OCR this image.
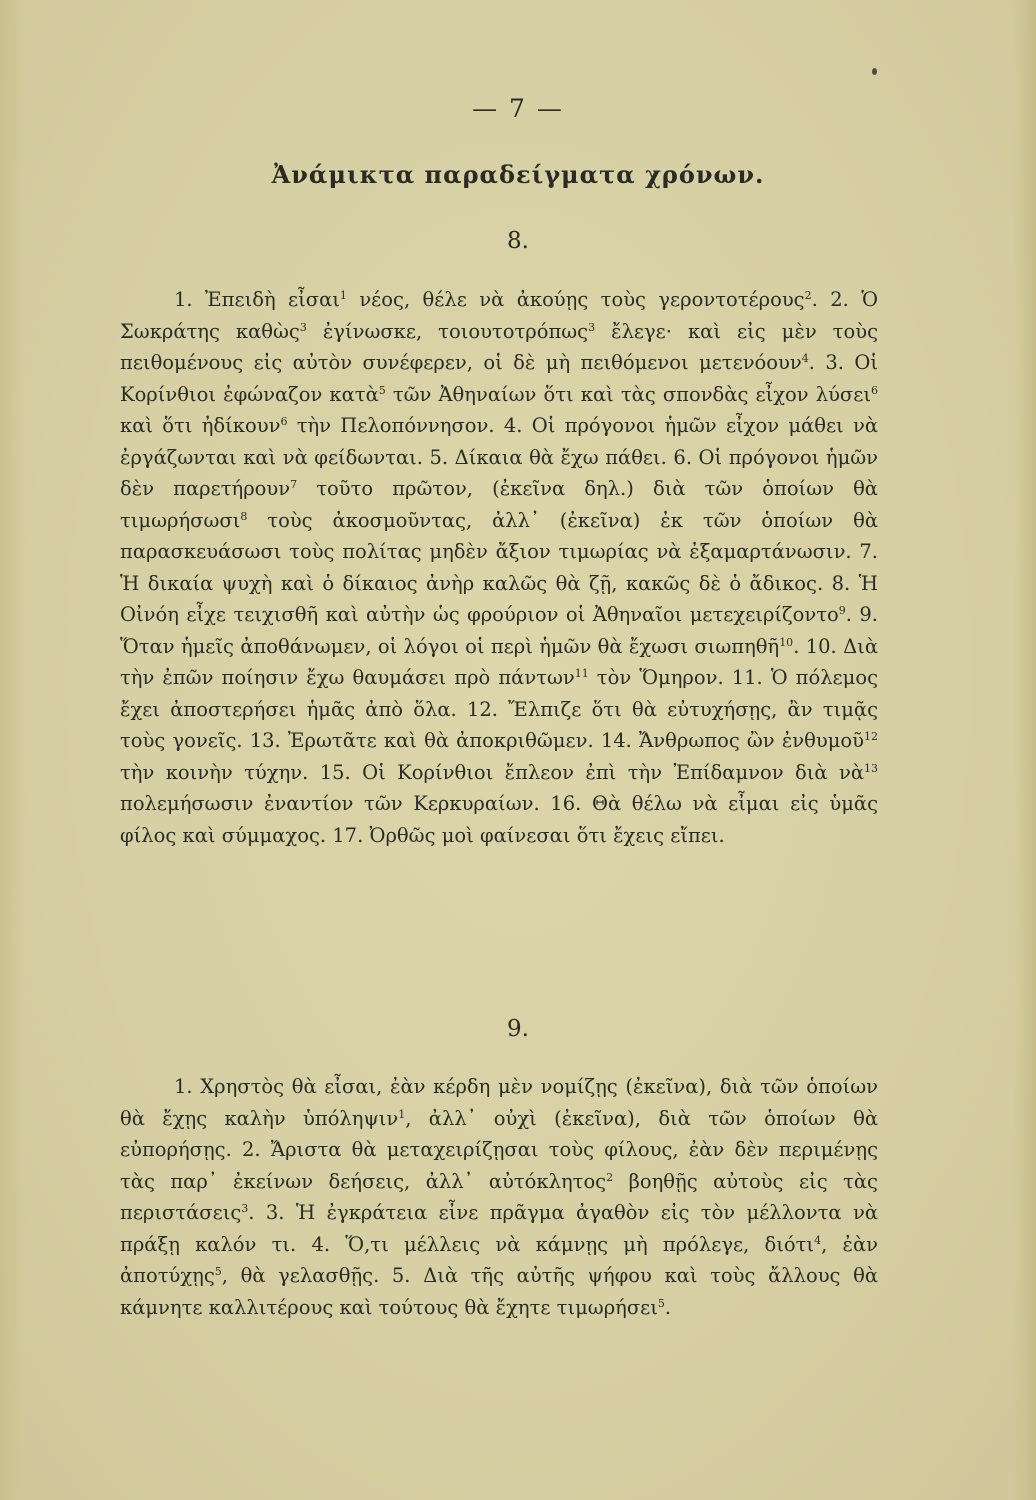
— 7 —
Ἀνάμικτα παραδείγματα χρόνων.
8.
1. Ἐπειδὴ εἶσαι$^1$ νέος, θέλε νὰ ἀκούῃς τοὺς γεροντοτέρους$^2$. 2. Ὁ Σωκράτης καθὼς$^3$ ἐγίνωσκε, τοιουτοτρόπως$^3$ ἔλεγε· καὶ εἰς μὲν τοὺς πειθομένους εἰς αὐτὸν συνέφερεν, οἱ δὲ μὴ πειθόμενοι μετενόουν$^4$. 3. Οἱ Κορίνθιοι ἐφώναζον κατὰ$^5$ τῶν Ἀθηναίων ὅτι καὶ τὰς σπονδὰς εἶχον λύσει$^6$ καὶ ὅτι ἠδίκουν$^6$ τὴν Πελοπόννησον. 4. Οἱ πρόγονοι ἡμῶν εἶχον μάθει νὰ ἐργάζωνται καὶ νὰ φείδωνται. 5. Δίκαια θὰ ἔχω πάθει. 6. Οἱ πρόγονοι ἡμῶν δὲν παρετήρουν$^7$ τοῦτο πρῶτον, (ἐκεῖνα δηλ.) διὰ τῶν ὁποίων θὰ τιμωρήσωσι$^8$ τοὺς ἀκοσμοῦντας, ἀλλ᾽ (ἐκεῖνα) ἐκ τῶν ὁποίων θὰ παρασκευάσωσι τοὺς πολίτας μηδὲν ἄξιον τιμωρίας νὰ ἐξαμαρτάνωσιν. 7. Ἡ δικαία ψυχὴ καὶ ὁ δίκαιος ἀνὴρ καλῶς θὰ ζῇ, κακῶς δὲ ὁ ἄδικος. 8. Ἡ Οἰνόη εἶχε τειχισθῆ καὶ αὐτὴν ὡς φρούριον οἱ Ἀθηναῖοι μετεχειρίζοντο$^9$. 9. Ὅταν ἡμεῖς ἀποθάνωμεν, οἱ λόγοι οἱ περὶ ἡμῶν θὰ ἔχωσι σιωπηθῆ$^{10}$. 10. Διὰ τὴν ἐπῶν ποίησιν ἔχω θαυμάσει πρὸ πάντων$^{11}$ τὸν Ὅμηρον. 11. Ὁ πόλεμος ἔχει ἀποστερήσει ἡμᾶς ἀπὸ ὅλα. 12. Ἔλπιζε ὅτι θὰ εὐτυχήσῃς, ἂν τιμᾷς τοὺς γονεῖς. 13. Ἐρωτᾶτε καὶ θὰ ἀποκριθῶμεν. 14. Ἄνθρωπος ὢν ἐνθυμοῦ$^{12}$ τὴν κοινὴν τύχην. 15. Οἱ Κορίνθιοι ἔπλεον ἐπὶ τὴν Ἐπίδαμνον διὰ νὰ$^{13}$ πολεμήσωσιν ἐναντίον τῶν Κερκυραίων. 16. Θὰ θέλω νὰ εἶμαι εἰς ὑμᾶς φίλος καὶ σύμμαχος. 17. Ὀρθῶς μοὶ φαίνεσαι ὅτι ἔχεις εἴπει.
9.
1. Χρηστὸς θὰ εἶσαι, ἐὰν κέρδη μὲν νομίζῃς (ἐκεῖνα), διὰ τῶν ὁποίων θὰ ἔχῃς καλὴν ὑπόληψιν$^1$, ἀλλ᾽ οὐχὶ (ἐκεῖνα), διὰ τῶν ὁποίων θὰ εὐπορήσῃς. 2. Ἄριστα θὰ μεταχειρίζῃσαι τοὺς φίλους, ἐὰν δὲν περιμένῃς τὰς παρ᾽ ἐκείνων δεήσεις, ἀλλ᾽ αὐτόκλητος$^2$ βοηθῇς αὐτοὺς εἰς τὰς περιστάσεις$^3$. 3. Ἡ ἐγκράτεια εἶνε πρᾶγμα ἀγαθὸν εἰς τὸν μέλλοντα νὰ πράξῃ καλόν τι. 4. Ὅ,τι μέλλεις νὰ κάμνῃς μὴ πρόλεγε, διότι$^4$, ἐὰν ἀποτύχῃς$^5$, θὰ γελασθῇς. 5. Διὰ τῆς αὐτῆς ψήφου καὶ τοὺς ἄλλους θὰ κάμνητε καλλιτέρους καὶ τούτους θὰ ἔχητε τιμωρήσει$^5$.
